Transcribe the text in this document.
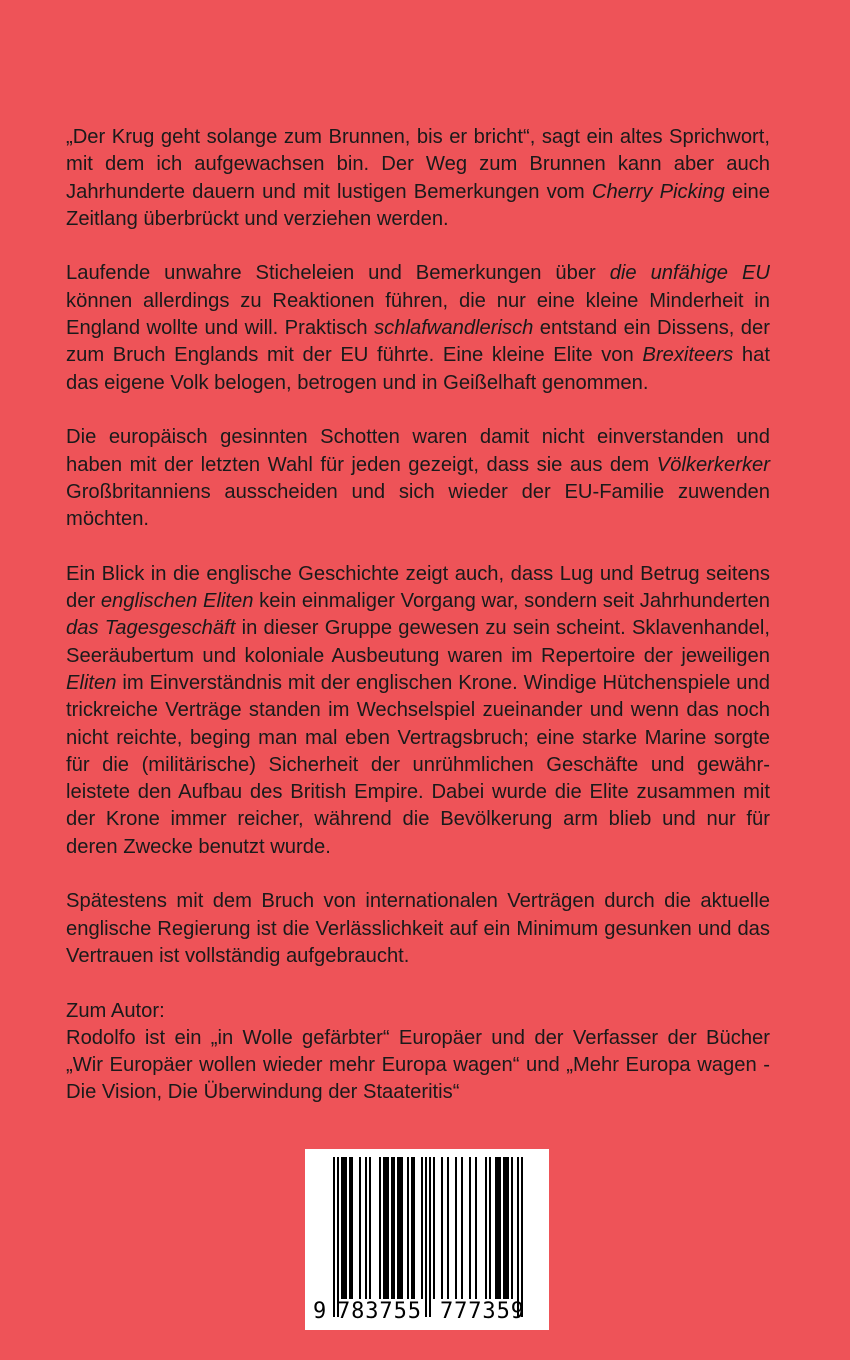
„Der Krug geht solange zum Brunnen, bis er bricht“, sagt ein altes Sprichwort, mit dem ich aufgewachsen bin. Der Weg zum Brunnen kann aber auch Jahrhunderte dauern und mit lustigen Bemerkungen vom Cherry Picking eine Zeitlang überbrückt und verziehen werden.

Laufende unwahre Sticheleien und Bemerkungen über die unfähige EU können allerdings zu Reaktionen führen, die nur eine kleine Minderheit in England wollte und will. Praktisch schlafwandlerisch entstand ein Dissens, der zum Bruch Englands mit der EU führte. Eine kleine Elite von Brexiteers hat das eigene Volk belogen, betrogen und in Geißelhaft genommen.

Die europäisch gesinnten Schotten waren damit nicht einverstanden und haben mit der letzten Wahl für jeden gezeigt, dass sie aus dem Völkerkerker Großbritanniens ausscheiden und sich wieder der EU-Familie zuwenden möchten.

Ein Blick in die englische Geschichte zeigt auch, dass Lug und Betrug seitens der englischen Eliten kein einmaliger Vorgang war, sondern seit Jahrhunderten das Tagesgeschäft in dieser Gruppe gewesen zu sein scheint. Sklavenhandel, Seeräubertum und koloniale Ausbeutung waren im Repertoire der jeweiligen Eliten im Einverständnis mit der englischen Krone. Windige Hütchenspiele und trickreiche Verträge standen im Wechselspiel zueinander und wenn das noch nicht reichte, beging man mal eben Vertragsbruch; eine starke Marine sorgte für die (militärische) Sicherheit der unrühmlichen Geschäfte und gewährleistete den Aufbau des British Empire. Dabei wurde die Elite zusammen mit der Krone immer reicher, während die Bevölkerung arm blieb und nur für deren Zwecke benutzt wurde.

Spätestens mit dem Bruch von internationalen Verträgen durch die aktuelle englische Regierung ist die Verlässlichkeit auf ein Minimum gesunken und das Vertrauen ist vollständig aufgebraucht.

Zum Autor:

Rodolfo ist ein „in Wolle gefärbter“ Europäer und der Verfasser der Bücher „Wir Europäer wollen wieder mehr Europa wagen“ und „Mehr Europa wagen - Die Vision, Die Überwindung der Staateritis“

9 783755 777359
